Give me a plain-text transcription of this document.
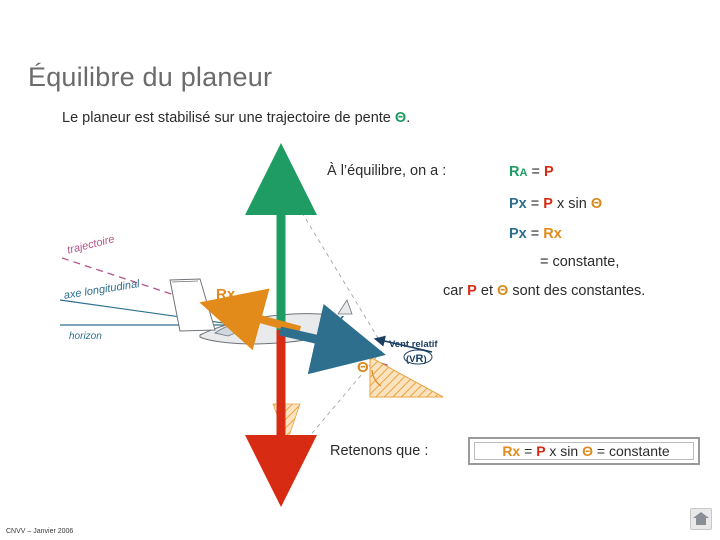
Équilibre du planeur
Le planeur est stabilisé sur une trajectoire de pente Θ.
À l’équilibre, on a :	RA = P
Px = P x sin Θ
Px = Rx
= constante,
car P et Θ sont des constantes.
RA
Rx
Px
P
Θ
Vent relatif
(VR)
trajectoire
axe longitudinal
horizon
Retenons que :	Rx = P x sin Θ = constante
CNVV – Janvier 2006
